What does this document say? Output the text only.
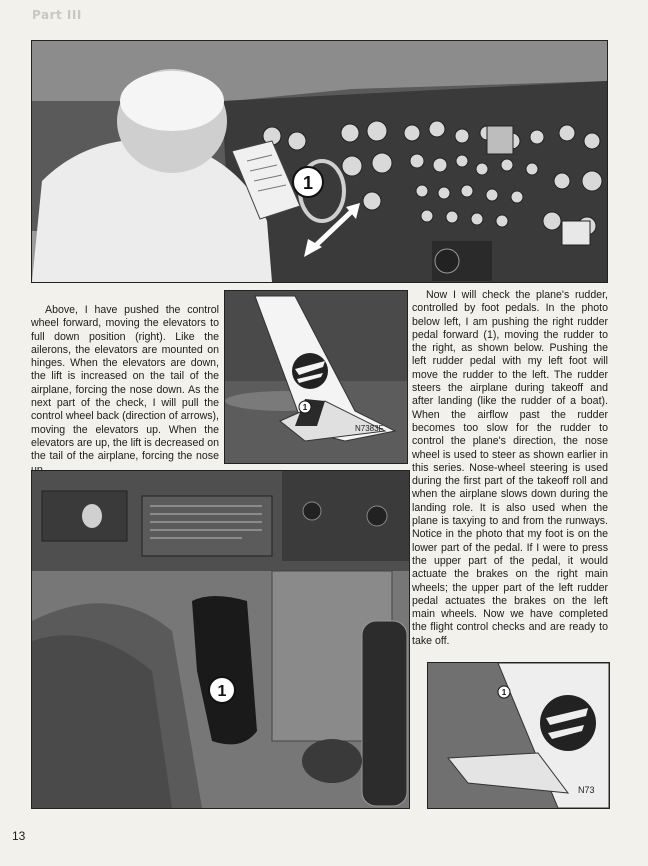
Part III
1

Above, I have pushed the control wheel forward, moving the elevators to full down position (right). Like the ailerons, the elevators are mounted on hinges. When the elevators are down, the lift is increased on the tail of the airplane, forcing the nose down. As the next part of the check, I will pull the control wheel back (direction of arrows), moving the elevators up. When the elevators are up, the lift is decreased on the tail of the airplane, forcing the nose

N7383F
1

Now I will check the plane's rudder, controlled by foot pedals. In the photo below left, I am pushing the right rudder pedal forward (1), moving the rudder to the right, as shown below. Pushing the left rudder pedal with my left foot will move the rudder to the left. The rudder steers the airplane during takeoff and after landing (like the rudder of a boat). When the airflow past the rudder becomes too slow for the rudder to control the plane's direction, the nose wheel is used to steer as shown earlier in this series. Nose-wheel steering is used during the first part of the takeoff roll and when the airplane slows down during the landing role. It is also used when the plane is taxying to and from the runways. Notice in the photo that my foot is on the lower part of the pedal. If I were to press the upper part of the pedal, it would actuate the brakes on the right main wheels; the upper part of the left rudder pedal actuates the brakes on the left main wheels. Now we have completed the flight control checks and are ready to take off.

1
N73
1
13
